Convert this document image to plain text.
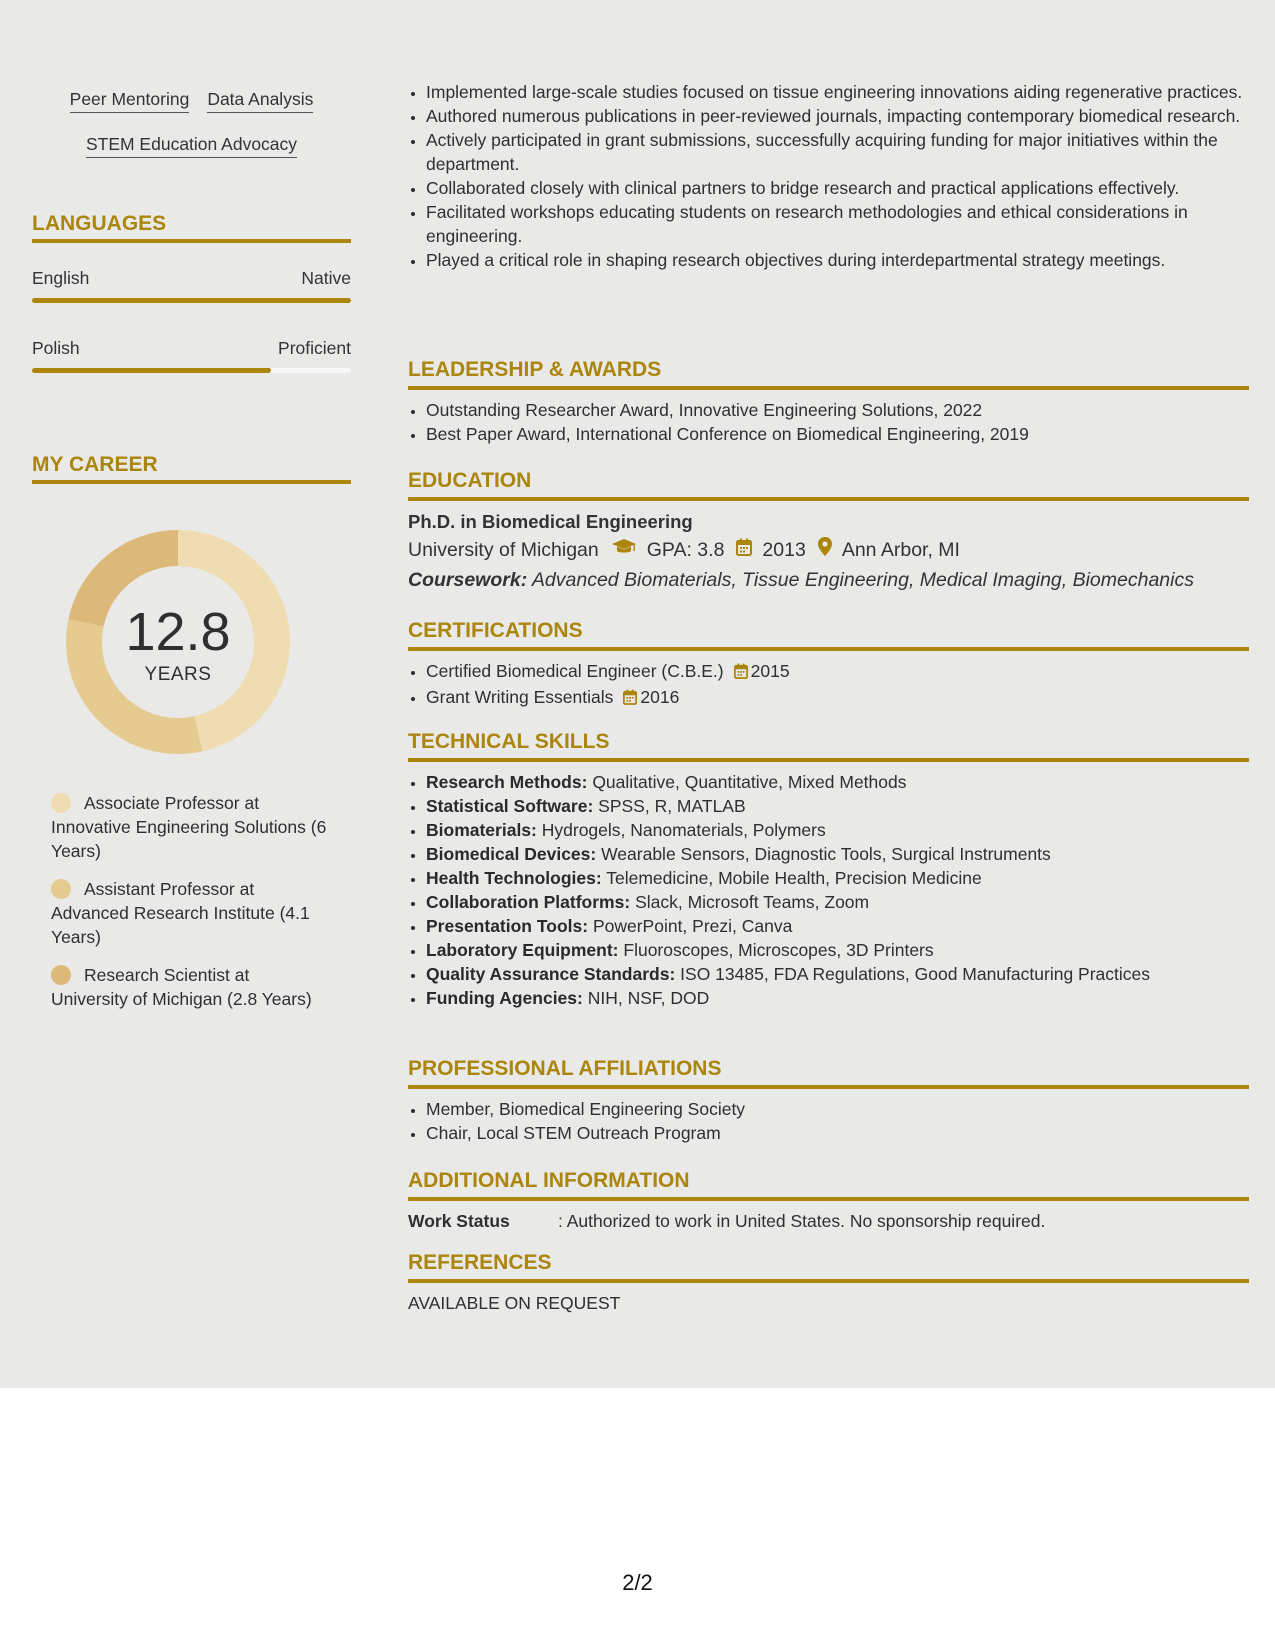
Peer Mentoring Data Analysis
STEM Education Advocacy
LANGUAGES
English	Native
Polish	Proficient
MY CAREER
12.8
YEARS
Associate Professor at Innovative Engineering Solutions (6 Years)
Assistant Professor at Advanced Research Institute (4.1 Years)
Research Scientist at University of Michigan (2.8 Years)
• Implemented large-scale studies focused on tissue engineering innovations aiding regenerative practices.
• Authored numerous publications in peer-reviewed journals, impacting contemporary biomedical research.
• Actively participated in grant submissions, successfully acquiring funding for major initiatives within the department.
• Collaborated closely with clinical partners to bridge research and practical applications effectively.
• Facilitated workshops educating students on research methodologies and ethical considerations in engineering.
• Played a critical role in shaping research objectives during interdepartmental strategy meetings.
LEADERSHIP & AWARDS
• Outstanding Researcher Award, Innovative Engineering Solutions, 2022
• Best Paper Award, International Conference on Biomedical Engineering, 2019
EDUCATION
Ph.D. in Biomedical Engineering
University of Michigan GPA: 3.8 2013 Ann Arbor, MI
Coursework: Advanced Biomaterials, Tissue Engineering, Medical Imaging, Biomechanics
CERTIFICATIONS
• Certified Biomedical Engineer (C.B.E.) 2015
• Grant Writing Essentials 2016
TECHNICAL SKILLS
• Research Methods: Qualitative, Quantitative, Mixed Methods
• Statistical Software: SPSS, R, MATLAB
• Biomaterials: Hydrogels, Nanomaterials, Polymers
• Biomedical Devices: Wearable Sensors, Diagnostic Tools, Surgical Instruments
• Health Technologies: Telemedicine, Mobile Health, Precision Medicine
• Collaboration Platforms: Slack, Microsoft Teams, Zoom
• Presentation Tools: PowerPoint, Prezi, Canva
• Laboratory Equipment: Fluoroscopes, Microscopes, 3D Printers
• Quality Assurance Standards: ISO 13485, FDA Regulations, Good Manufacturing Practices
• Funding Agencies: NIH, NSF, DOD
PROFESSIONAL AFFILIATIONS
• Member, Biomedical Engineering Society
• Chair, Local STEM Outreach Program
ADDITIONAL INFORMATION
Work Status	: Authorized to work in United States. No sponsorship required.
REFERENCES
AVAILABLE ON REQUEST
2/2
